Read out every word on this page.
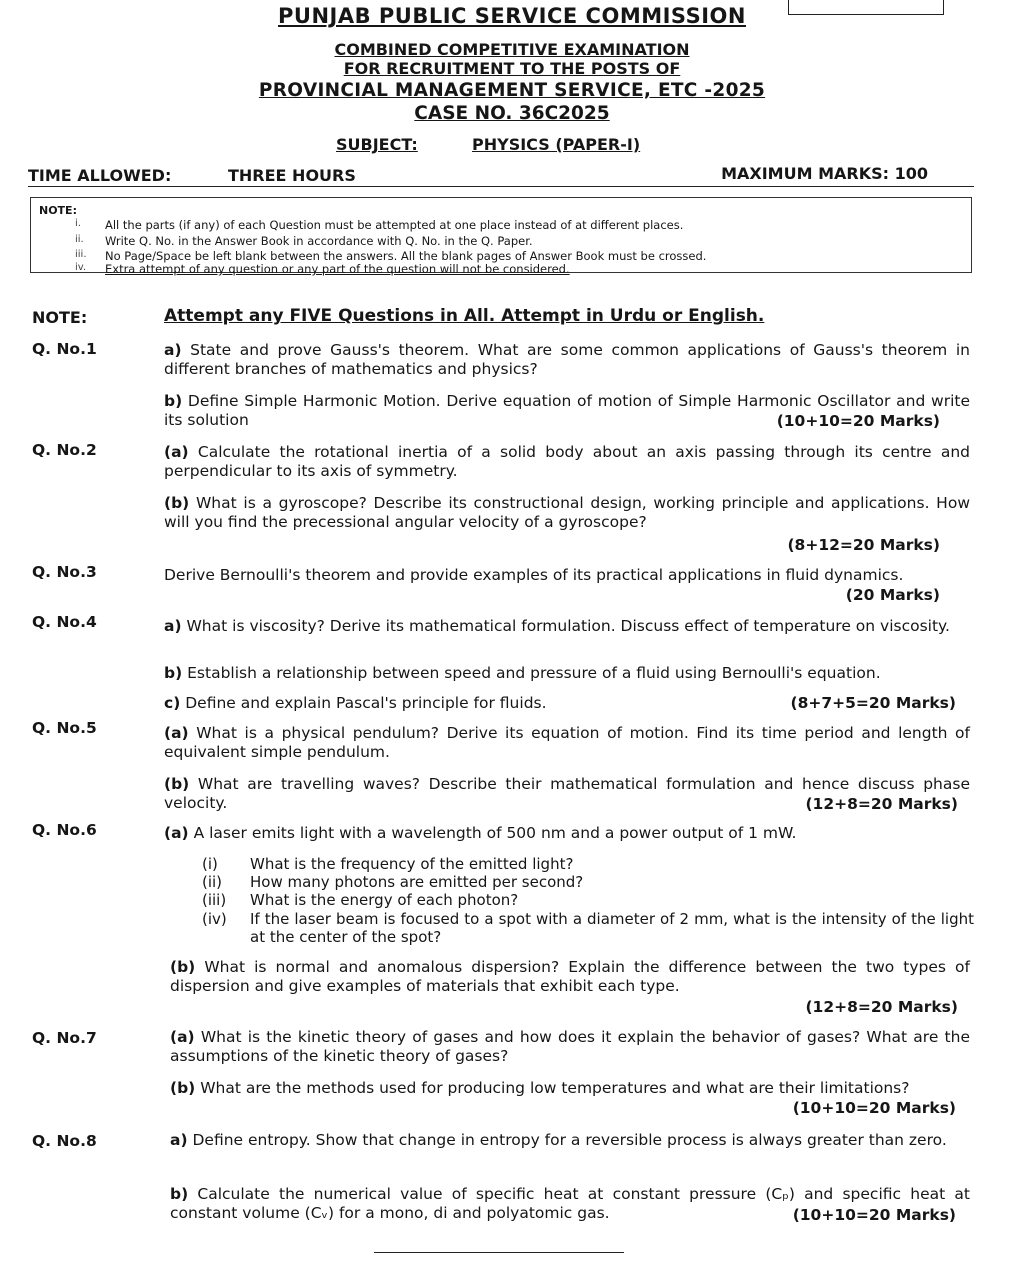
PUNJAB PUBLIC SERVICE COMMISSION
COMBINED COMPETITIVE EXAMINATION
FOR RECRUITMENT TO THE POSTS OF
PROVINCIAL MANAGEMENT SERVICE, ETC -2025
CASE NO. 36C2025
SUBJECT:	PHYSICS (PAPER-I)
TIME ALLOWED:	THREE HOURS	MAXIMUM MARKS: 100
NOTE:
i. All the parts (if any) of each Question must be attempted at one place instead of at different places.
ii. Write Q. No. in the Answer Book in accordance with Q. No. in the Q. Paper.
iii. No Page/Space be left blank between the answers. All the blank pages of Answer Book must be crossed.
iv. Extra attempt of any question or any part of the question will not be considered.
NOTE:	Attempt any FIVE Questions in All. Attempt in Urdu or English.
Q. No.1	a) State and prove Gauss's theorem. What are some common applications of Gauss's theorem in different branches of mathematics and physics?
b) Define Simple Harmonic Motion. Derive equation of motion of Simple Harmonic Oscillator and write its solution	(10+10=20 Marks)
Q. No.2	(a) Calculate the rotational inertia of a solid body about an axis passing through its centre and perpendicular to its axis of symmetry.
(b) What is a gyroscope? Describe its constructional design, working principle and applications. How will you find the precessional angular velocity of a gyroscope?
(8+12=20 Marks)
Q. No.3	Derive Bernoulli's theorem and provide examples of its practical applications in fluid dynamics.
(20 Marks)
Q. No.4	a) What is viscosity? Derive its mathematical formulation. Discuss effect of temperature on viscosity.
b) Establish a relationship between speed and pressure of a fluid using Bernoulli's equation.
c) Define and explain Pascal's principle for fluids.	(8+7+5=20 Marks)
Q. No.5	(a) What is a physical pendulum? Derive its equation of motion. Find its time period and length of equivalent simple pendulum.
(b) What are travelling waves? Describe their mathematical formulation and hence discuss phase velocity.	(12+8=20 Marks)
Q. No.6	(a) A laser emits light with a wavelength of 500 nm and a power output of 1 mW.
(i) What is the frequency of the emitted light?
(ii) How many photons are emitted per second?
(iii) What is the energy of each photon?
(iv) If the laser beam is focused to a spot with a diameter of 2 mm, what is the intensity of the light at the center of the spot?
(b) What is normal and anomalous dispersion? Explain the difference between the two types of dispersion and give examples of materials that exhibit each type.
(12+8=20 Marks)
Q. No.7	(a) What is the kinetic theory of gases and how does it explain the behavior of gases? What are the assumptions of the kinetic theory of gases?
(b) What are the methods used for producing low temperatures and what are their limitations?
(10+10=20 Marks)
Q. No.8	a) Define entropy. Show that change in entropy for a reversible process is always greater than zero.
b) Calculate the numerical value of specific heat at constant pressure (Cₚ) and specific heat at constant volume (Cᵥ) for a mono, di and polyatomic gas.	(10+10=20 Marks)
